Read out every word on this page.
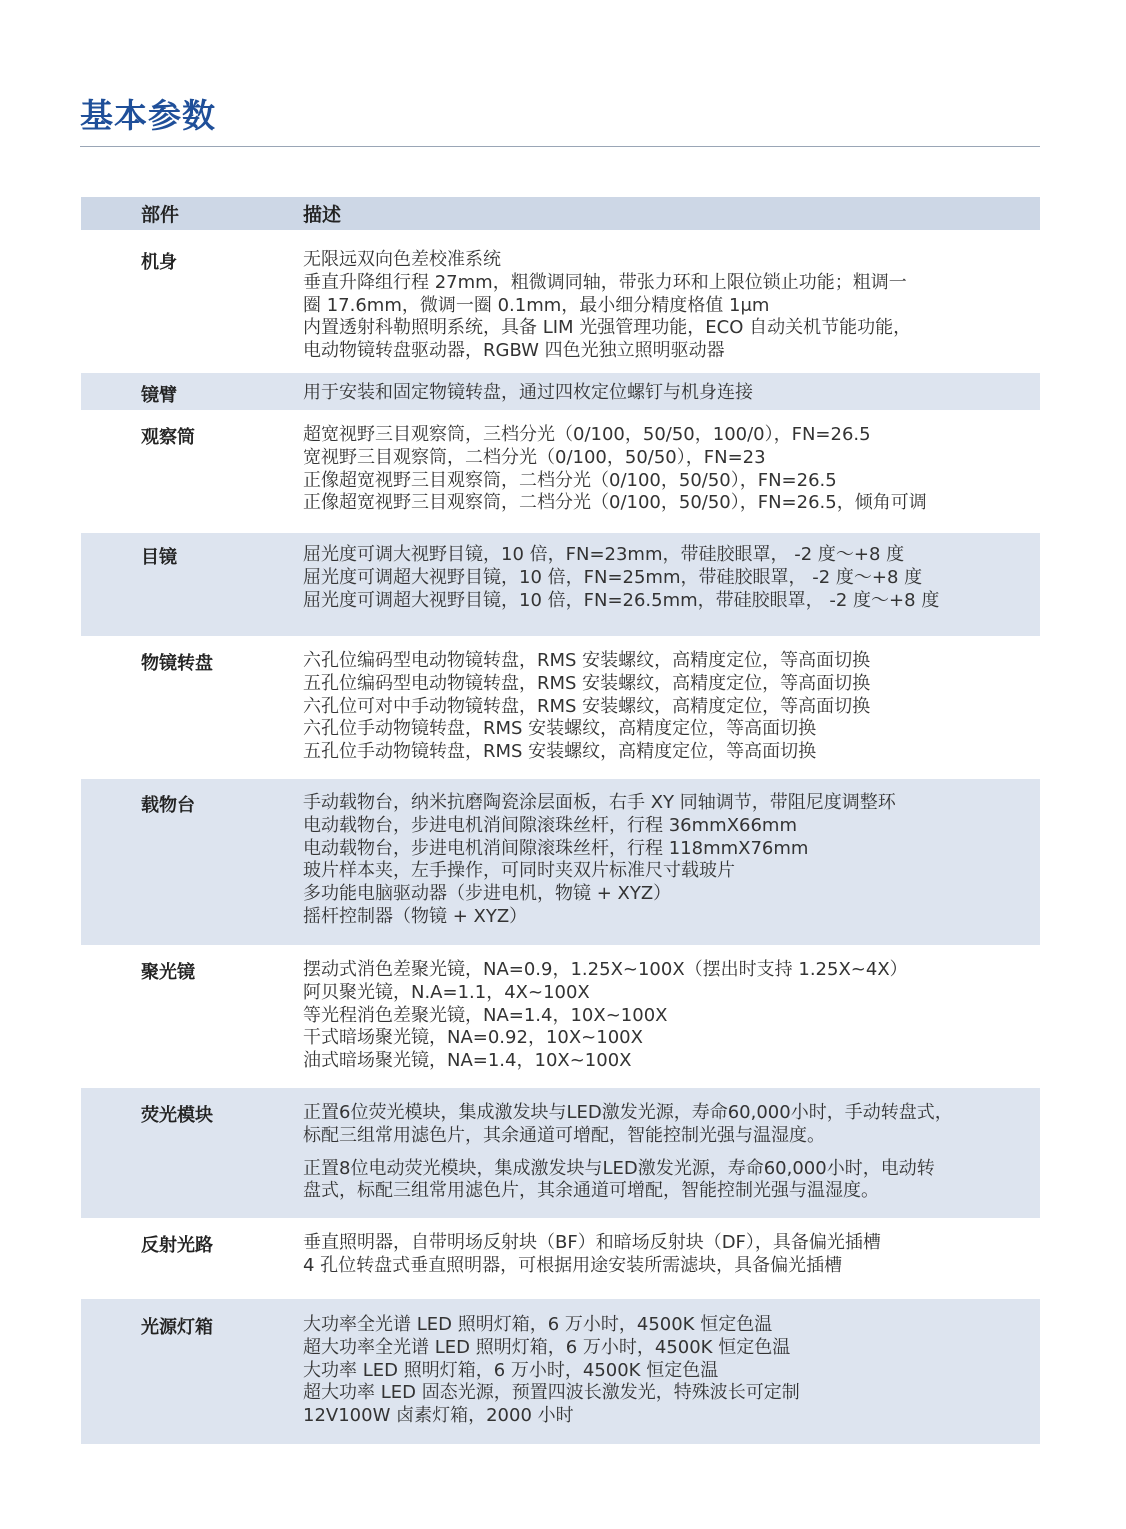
基本参数
部件	描述
机身	无限远双向色差校准系统
垂直升降组行程 27mm，粗微调同轴，带张力环和上限位锁止功能；粗调一
圈 17.6mm，微调一圈 0.1mm，最小细分精度格值 1μm
内置透射科勒照明系统，具备 LIM 光强管理功能，ECO 自动关机节能功能，
电动物镜转盘驱动器，RGBW 四色光独立照明驱动器
镜臂	用于安装和固定物镜转盘，通过四枚定位螺钉与机身连接
观察筒	超宽视野三目观察筒，三档分光（0/100，50/50，100/0），FN=26.5
宽视野三目观察筒，二档分光（0/100，50/50），FN=23
正像超宽视野三目观察筒，二档分光（0/100，50/50），FN=26.5
正像超宽视野三目观察筒，二档分光（0/100，50/50），FN=26.5，倾角可调
目镜	屈光度可调大视野目镜，10 倍，FN=23mm，带硅胶眼罩， -2 度～+8 度
屈光度可调超大视野目镜，10 倍，FN=25mm，带硅胶眼罩， -2 度～+8 度
屈光度可调超大视野目镜，10 倍，FN=26.5mm，带硅胶眼罩， -2 度～+8 度
物镜转盘	六孔位编码型电动物镜转盘，RMS 安装螺纹，高精度定位，等高面切换
五孔位编码型电动物镜转盘，RMS 安装螺纹，高精度定位，等高面切换
六孔位可对中手动物镜转盘，RMS 安装螺纹，高精度定位，等高面切换
六孔位手动物镜转盘，RMS 安装螺纹，高精度定位，等高面切换
五孔位手动物镜转盘，RMS 安装螺纹，高精度定位，等高面切换
载物台	手动载物台，纳米抗磨陶瓷涂层面板，右手 XY 同轴调节，带阻尼度调整环
电动载物台，步进电机消间隙滚珠丝杆，行程 36mmX66mm
电动载物台，步进电机消间隙滚珠丝杆，行程 118mmX76mm
玻片样本夹，左手操作，可同时夹双片标准尺寸载玻片
多功能电脑驱动器（步进电机，物镜 + XYZ）
摇杆控制器（物镜 + XYZ）
聚光镜	摆动式消色差聚光镜，NA=0.9，1.25X~100X（摆出时支持 1.25X~4X）
阿贝聚光镜，N.A=1.1，4X~100X
等光程消色差聚光镜，NA=1.4，10X~100X
干式暗场聚光镜，NA=0.92，10X~100X
油式暗场聚光镜，NA=1.4，10X~100X
荧光模块	正置6位荧光模块，集成激发块与LED激发光源，寿命60,000小时，手动转盘式，
标配三组常用滤色片，其余通道可增配，智能控制光强与温湿度。
正置8位电动荧光模块，集成激发块与LED激发光源，寿命60,000小时，电动转
盘式，标配三组常用滤色片，其余通道可增配，智能控制光强与温湿度。
反射光路	垂直照明器，自带明场反射块（BF）和暗场反射块（DF），具备偏光插槽
4 孔位转盘式垂直照明器，可根据用途安装所需滤块，具备偏光插槽
光源灯箱	大功率全光谱 LED 照明灯箱，6 万小时，4500K 恒定色温
超大功率全光谱 LED 照明灯箱，6 万小时，4500K 恒定色温
大功率 LED 照明灯箱，6 万小时，4500K 恒定色温
超大功率 LED 固态光源，预置四波长激发光，特殊波长可定制
12V100W 卤素灯箱，2000 小时
